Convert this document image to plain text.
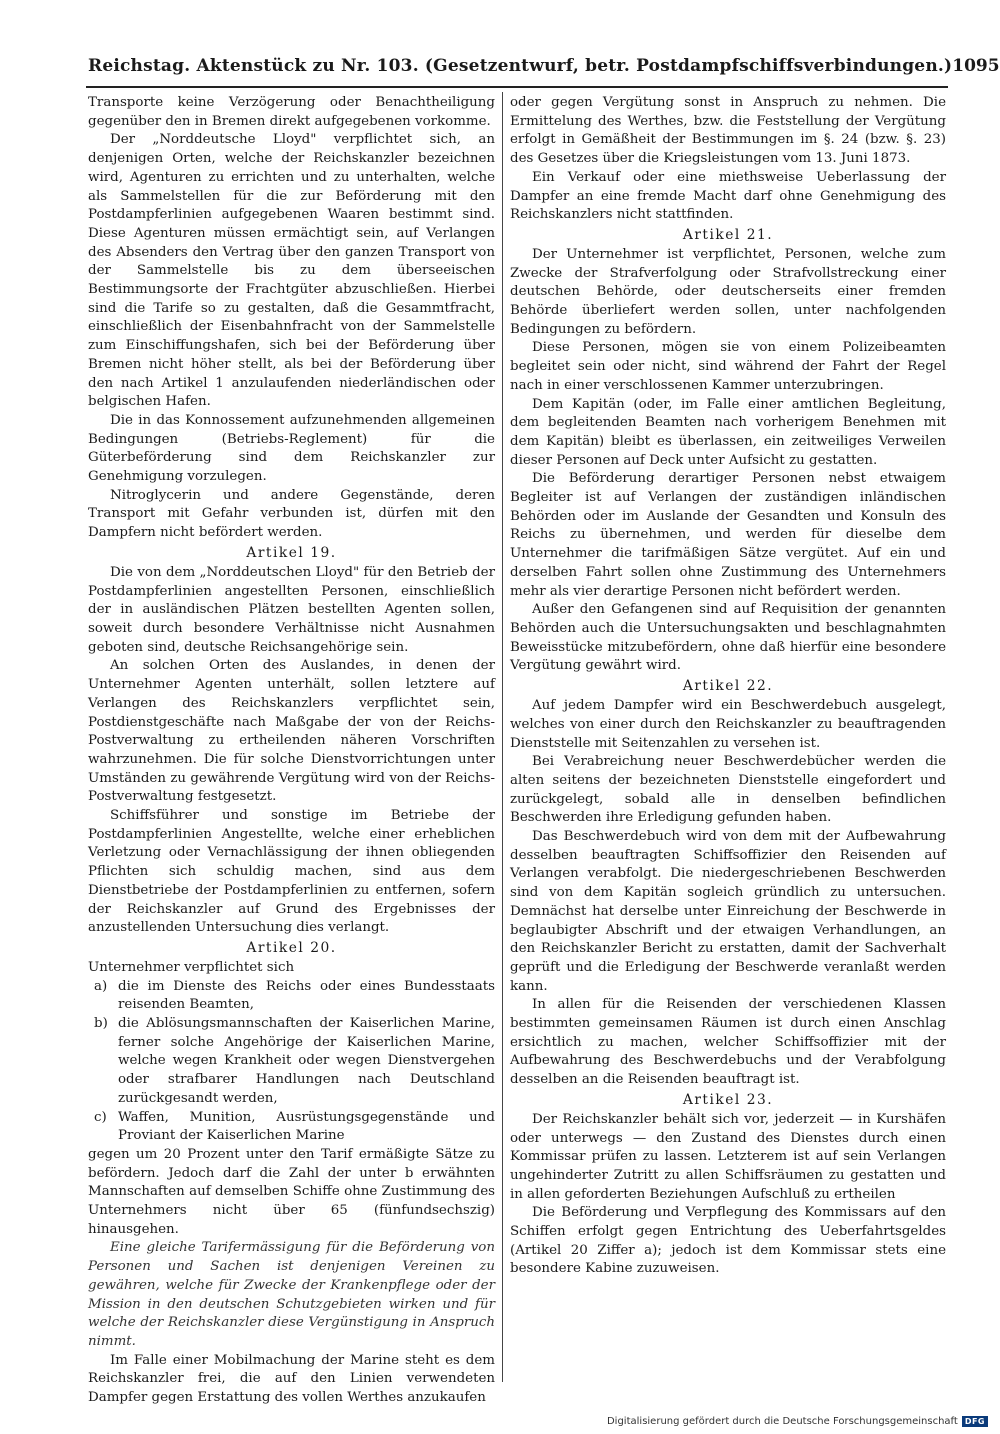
Reichstag. Aktenstück zu Nr. 103. (Gesetzentwurf, betr. Postdampfschiffsverbindungen.) 1095

Transporte keine Verzögerung oder Benachtheiligung gegenüber den in Bremen direkt aufgegebenen vorkomme.

Der „Norddeutsche Lloyd" verpflichtet sich, an denjenigen Orten, welche der Reichskanzler bezeichnen wird, Agenturen zu errichten und zu unterhalten, welche als Sammelstellen für die zur Beförderung mit den Postdampferlinien aufgegebenen Waaren bestimmt sind. Diese Agenturen müssen ermächtigt sein, auf Verlangen des Absenders den Vertrag über den ganzen Transport von der Sammelstelle bis zu dem überseeischen Bestimmungsorte der Frachtgüter abzuschließen. Hierbei sind die Tarife so zu gestalten, daß die Gesammtfracht, einschließlich der Eisenbahnfracht von der Sammelstelle zum Einschiffungshafen, sich bei der Beförderung über Bremen nicht höher stellt, als bei der Beförderung über den nach Artikel 1 anzulaufenden niederländischen oder belgischen Hafen.

Die in das Konnossement aufzunehmenden allgemeinen Bedingungen (Betriebs-Reglement) für die Güterbeförderung sind dem Reichskanzler zur Genehmigung vorzulegen.

Nitroglycerin und andere Gegenstände, deren Transport mit Gefahr verbunden ist, dürfen mit den Dampfern nicht befördert werden.

Artikel 19.

Die von dem „Norddeutschen Lloyd" für den Betrieb der Postdampferlinien angestellten Personen, einschließlich der in ausländischen Plätzen bestellten Agenten sollen, soweit durch besondere Verhältnisse nicht Ausnahmen geboten sind, deutsche Reichsangehörige sein.

An solchen Orten des Auslandes, in denen der Unternehmer Agenten unterhält, sollen letztere auf Verlangen des Reichskanzlers verpflichtet sein, Postdienstgeschäfte nach Maßgabe der von der Reichs-Postverwaltung zu ertheilenden näheren Vorschriften wahrzunehmen. Die für solche Dienstvorrichtungen unter Umständen zu gewährende Vergütung wird von der Reichs-Postverwaltung festgesetzt.

Schiffsführer und sonstige im Betriebe der Postdampferlinien Angestellte, welche einer erheblichen Verletzung oder Vernachlässigung der ihnen obliegenden Pflichten sich schuldig machen, sind aus dem Dienstbetriebe der Postdampferlinien zu entfernen, sofern der Reichskanzler auf Grund des Ergebnisses der anzustellenden Untersuchung dies verlangt.

Artikel 20.

Unternehmer verpflichtet sich

a) die im Dienste des Reichs oder eines Bundesstaats reisenden Beamten,
b) die Ablösungsmannschaften der Kaiserlichen Marine, ferner solche Angehörige der Kaiserlichen Marine, welche wegen Krankheit oder wegen Dienstvergehen oder strafbarer Handlungen nach Deutschland zurückgesandt werden,
c) Waffen, Munition, Ausrüstungsgegenstände und Proviant der Kaiserlichen Marine

gegen um 20 Prozent unter den Tarif ermäßigte Sätze zu befördern. Jedoch darf die Zahl der unter b erwähnten Mannschaften auf demselben Schiffe ohne Zustimmung des Unternehmers nicht über 65 (fünfundsechszig) hinausgehen.

Eine gleiche Tarifermässigung für die Beförderung von Personen und Sachen ist denjenigen Vereinen zu gewähren, welche für Zwecke der Krankenpflege oder der Mission in den deutschen Schutzgebieten wirken und für welche der Reichskanzler diese Vergünstigung in Anspruch nimmt.

Im Falle einer Mobilmachung der Marine steht es dem Reichskanzler frei, die auf den Linien verwendeten Dampfer gegen Erstattung des vollen Werthes anzukaufen

oder gegen Vergütung sonst in Anspruch zu nehmen. Die Ermittelung des Werthes, bzw. die Feststellung der Vergütung erfolgt in Gemäßheit der Bestimmungen im §. 24 (bzw. §. 23) des Gesetzes über die Kriegsleistungen vom 13. Juni 1873.

Ein Verkauf oder eine miethsweise Ueberlassung der Dampfer an eine fremde Macht darf ohne Genehmigung des Reichskanzlers nicht stattfinden.

Artikel 21.

Der Unternehmer ist verpflichtet, Personen, welche zum Zwecke der Strafverfolgung oder Strafvollstreckung einer deutschen Behörde, oder deutscherseits einer fremden Behörde überliefert werden sollen, unter nachfolgenden Bedingungen zu befördern.

Diese Personen, mögen sie von einem Polizeibeamten begleitet sein oder nicht, sind während der Fahrt der Regel nach in einer verschlossenen Kammer unterzubringen.

Dem Kapitän (oder, im Falle einer amtlichen Begleitung, dem begleitenden Beamten nach vorherigem Benehmen mit dem Kapitän) bleibt es überlassen, ein zeitweiliges Verweilen dieser Personen auf Deck unter Aufsicht zu gestatten.

Die Beförderung derartiger Personen nebst etwaigem Begleiter ist auf Verlangen der zuständigen inländischen Behörden oder im Auslande der Gesandten und Konsuln des Reichs zu übernehmen, und werden für dieselbe dem Unternehmer die tarifmäßigen Sätze vergütet. Auf ein und derselben Fahrt sollen ohne Zustimmung des Unternehmers mehr als vier derartige Personen nicht befördert werden.

Außer den Gefangenen sind auf Requisition der genannten Behörden auch die Untersuchungsakten und beschlagnahmten Beweisstücke mitzubefördern, ohne daß hierfür eine besondere Vergütung gewährt wird.

Artikel 22.

Auf jedem Dampfer wird ein Beschwerdebuch ausgelegt, welches von einer durch den Reichskanzler zu beauftragenden Dienststelle mit Seitenzahlen zu versehen ist.

Bei Verabreichung neuer Beschwerdebücher werden die alten seitens der bezeichneten Dienststelle eingefordert und zurückgelegt, sobald alle in denselben befindlichen Beschwerden ihre Erledigung gefunden haben.

Das Beschwerdebuch wird von dem mit der Aufbewahrung desselben beauftragten Schiffsoffizier den Reisenden auf Verlangen verabfolgt. Die niedergeschriebenen Beschwerden sind von dem Kapitän sogleich gründlich zu untersuchen. Demnächst hat derselbe unter Einreichung der Beschwerde in beglaubigter Abschrift und der etwaigen Verhandlungen, an den Reichskanzler Bericht zu erstatten, damit der Sachverhalt geprüft und die Erledigung der Beschwerde veranlaßt werden kann.

In allen für die Reisenden der verschiedenen Klassen bestimmten gemeinsamen Räumen ist durch einen Anschlag ersichtlich zu machen, welcher Schiffsoffizier mit der Aufbewahrung des Beschwerdebuchs und der Verabfolgung desselben an die Reisenden beauftragt ist.

Artikel 23.

Der Reichskanzler behält sich vor, jederzeit — in Kurshäfen oder unterwegs — den Zustand des Dienstes durch einen Kommissar prüfen zu lassen. Letzterem ist auf sein Verlangen ungehinderter Zutritt zu allen Schiffsräumen zu gestatten und in allen geforderten Beziehungen Aufschluß zu ertheilen

Die Beförderung und Verpflegung des Kommissars auf den Schiffen erfolgt gegen Entrichtung des Ueberfahrtsgeldes (Artikel 20 Ziffer a); jedoch ist dem Kommissar stets eine besondere Kabine zuzuweisen.

Digitalisierung gefördert durch die Deutsche Forschungsgemeinschaft DFG
